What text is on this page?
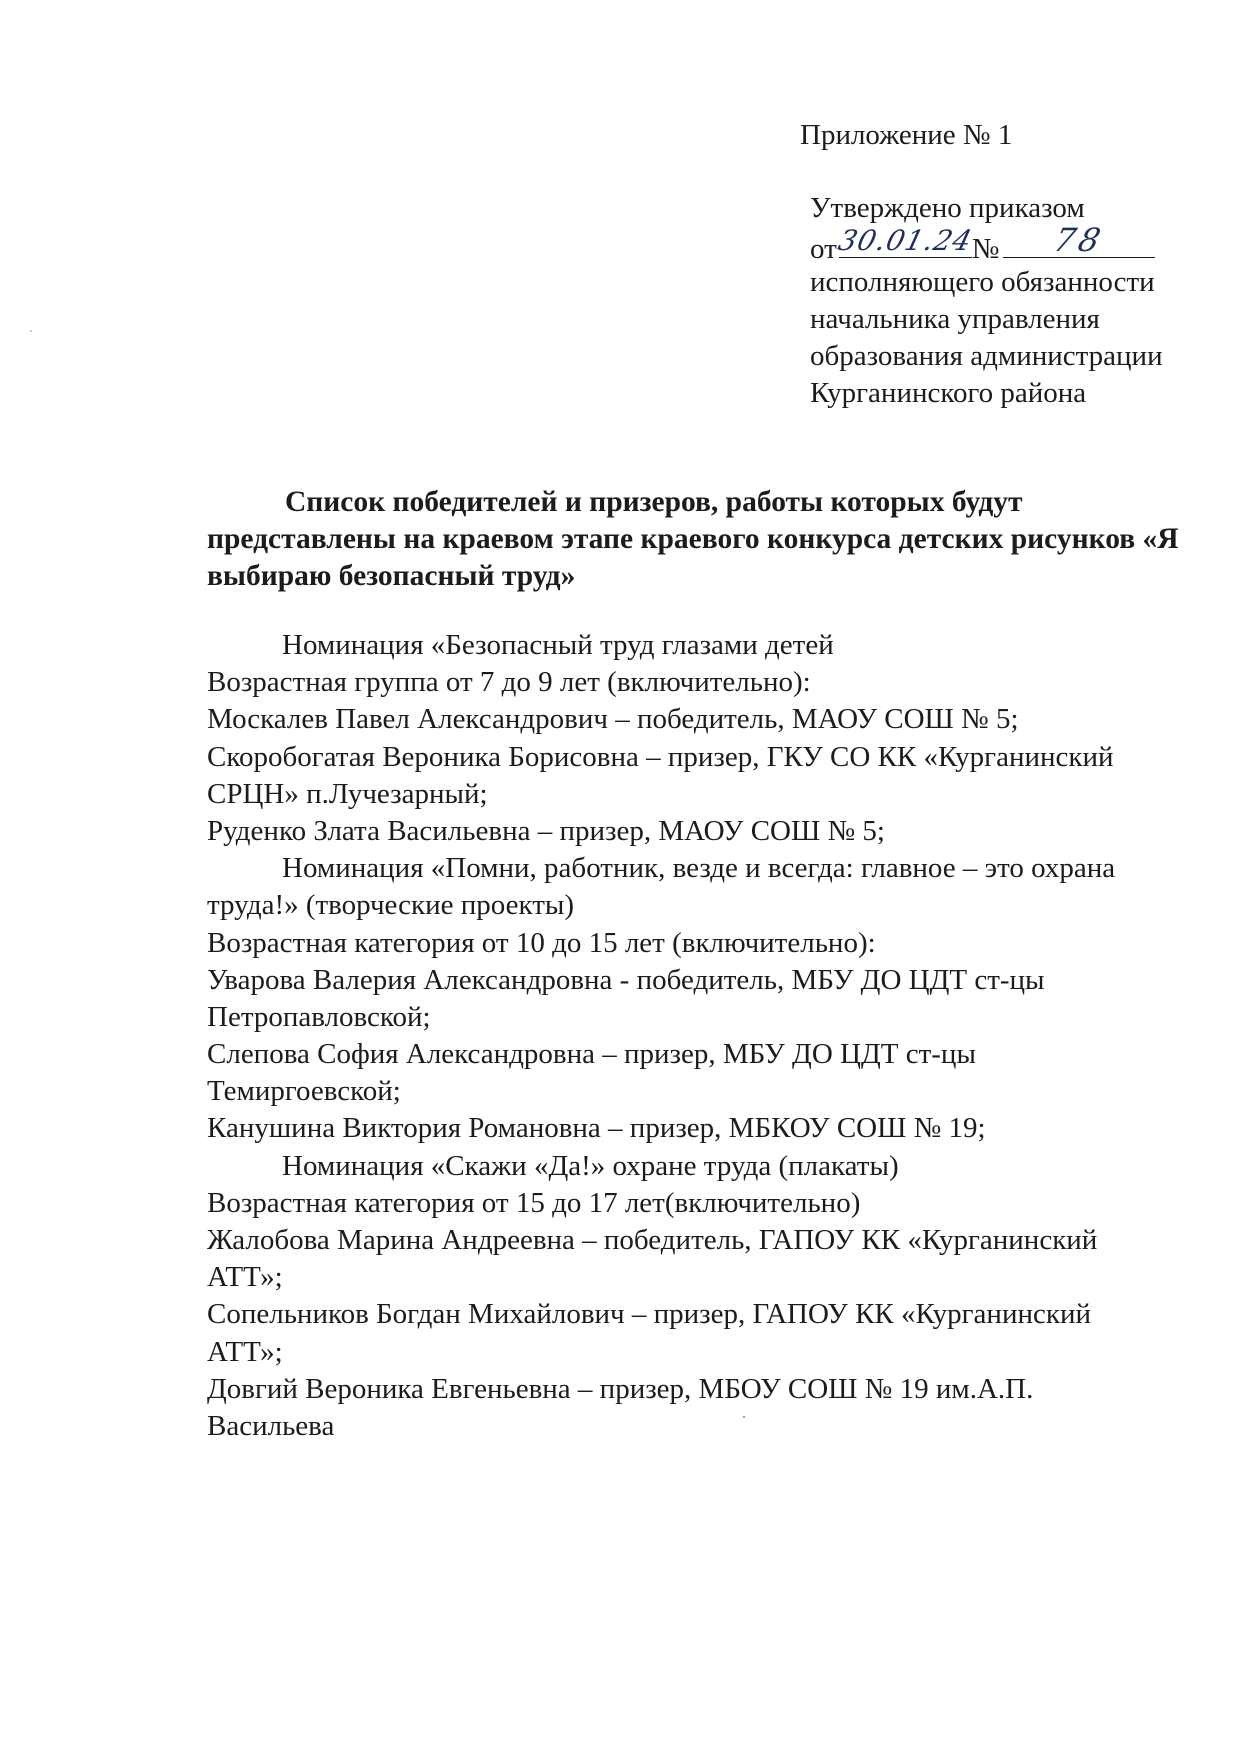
Приложение № 1
Утверждено приказом
от
30.01.24
№	78
исполняющего обязанности
начальника управления
образования администрации
Курганинского района
Список победителей и призеров, работы которых будут
представлены на краевом этапе краевого конкурса детских рисунков «Я
выбираю безопасный труд»
Номинация «Безопасный труд глазами детей
Возрастная группа от 7 до 9 лет (включительно):
Москалев Павел Александрович – победитель, МАОУ СОШ № 5;
Скоробогатая Вероника Борисовна – призер, ГКУ СО КК «Курганинский
СРЦН» п.Лучезарный;
Руденко Злата Васильевна – призер, МАОУ СОШ № 5;
Номинация «Помни, работник, везде и всегда: главное – это охрана
труда!» (творческие проекты)
Возрастная категория от 10 до 15 лет (включительно):
Уварова Валерия Александровна - победитель, МБУ ДО ЦДТ ст-цы
Петропавловской;
Слепова София Александровна – призер, МБУ ДО ЦДТ ст-цы
Темиргоевской;
Канушина Виктория Романовна – призер, МБКОУ СОШ № 19;
Номинация «Скажи «Да!» охране труда (плакаты)
Возрастная категория от 15 до 17 лет(включительно)
Жалобова Марина Андреевна – победитель, ГАПОУ КК «Курганинский
АТТ»;
Сопельников Богдан Михайлович – призер, ГАПОУ КК «Курганинский
АТТ»;
Довгий Вероника Евгеньевна – призер, МБОУ СОШ № 19 им.А.П.
Васильева
